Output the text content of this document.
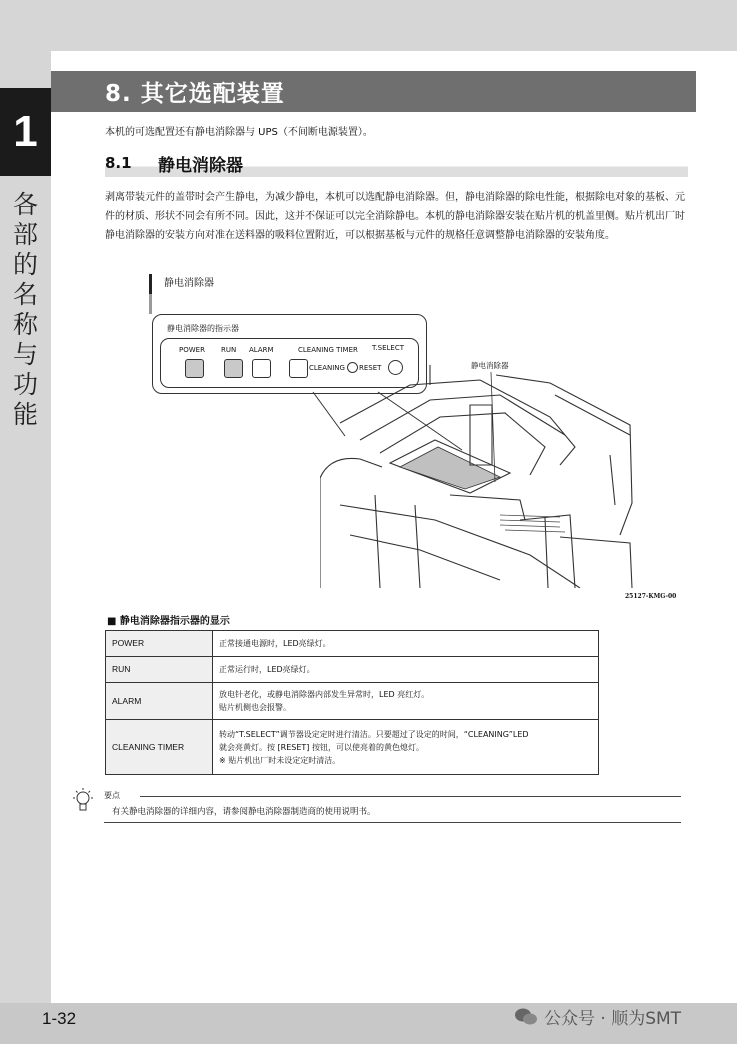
1
各
部
的
名
称
与
功
能
8. 其它选配装置
本机的可选配置还有静电消除器与 UPS（不间断电源装置）。
8.1 静电消除器
剥离带装元件的盖带时会产生静电，为减少静电，本机可以选配静电消除器。但，静电消除器的除电性能，根据除电对象的基板、元件的材质、形状不同会有所不同。因此，这并不保证可以完全消除静电。本机的静电消除器安装在贴片机的机盖里侧。贴片机出厂时静电消除器的安装方向对准在送料器的吸料位置附近，可以根据基板与元件的规格任意调整静电消除器的安装角度。
静电消除器
静电消除器的指示器
POWER RUN ALARM	CLEANING TIMER T.SELECT
CLEANING RESET	静电消除器
25127-KMG-00
■ 静电消除器指示器的显示
POWER	正常接通电源时，LED亮绿灯。

RUN	正常运行时，LED亮绿灯。

ALARM	放电针老化，或静电消除器内部发生异常时，LED 亮红灯。
贴片机侧也会报警。

CLEANING TIMER	转动“T.SELECT”调节器设定定时进行清洁。只要超过了设定的时间，“CLEANING”LED
就会亮黄灯。按 [RESET] 按钮，可以使亮着的黄色熄灯。
※ 贴片机出厂时未设定定时清洁。
要点
有关静电消除器的详细内容，请参阅静电消除器制造商的使用说明书。
1-32	公众号 · 顺为SMT
